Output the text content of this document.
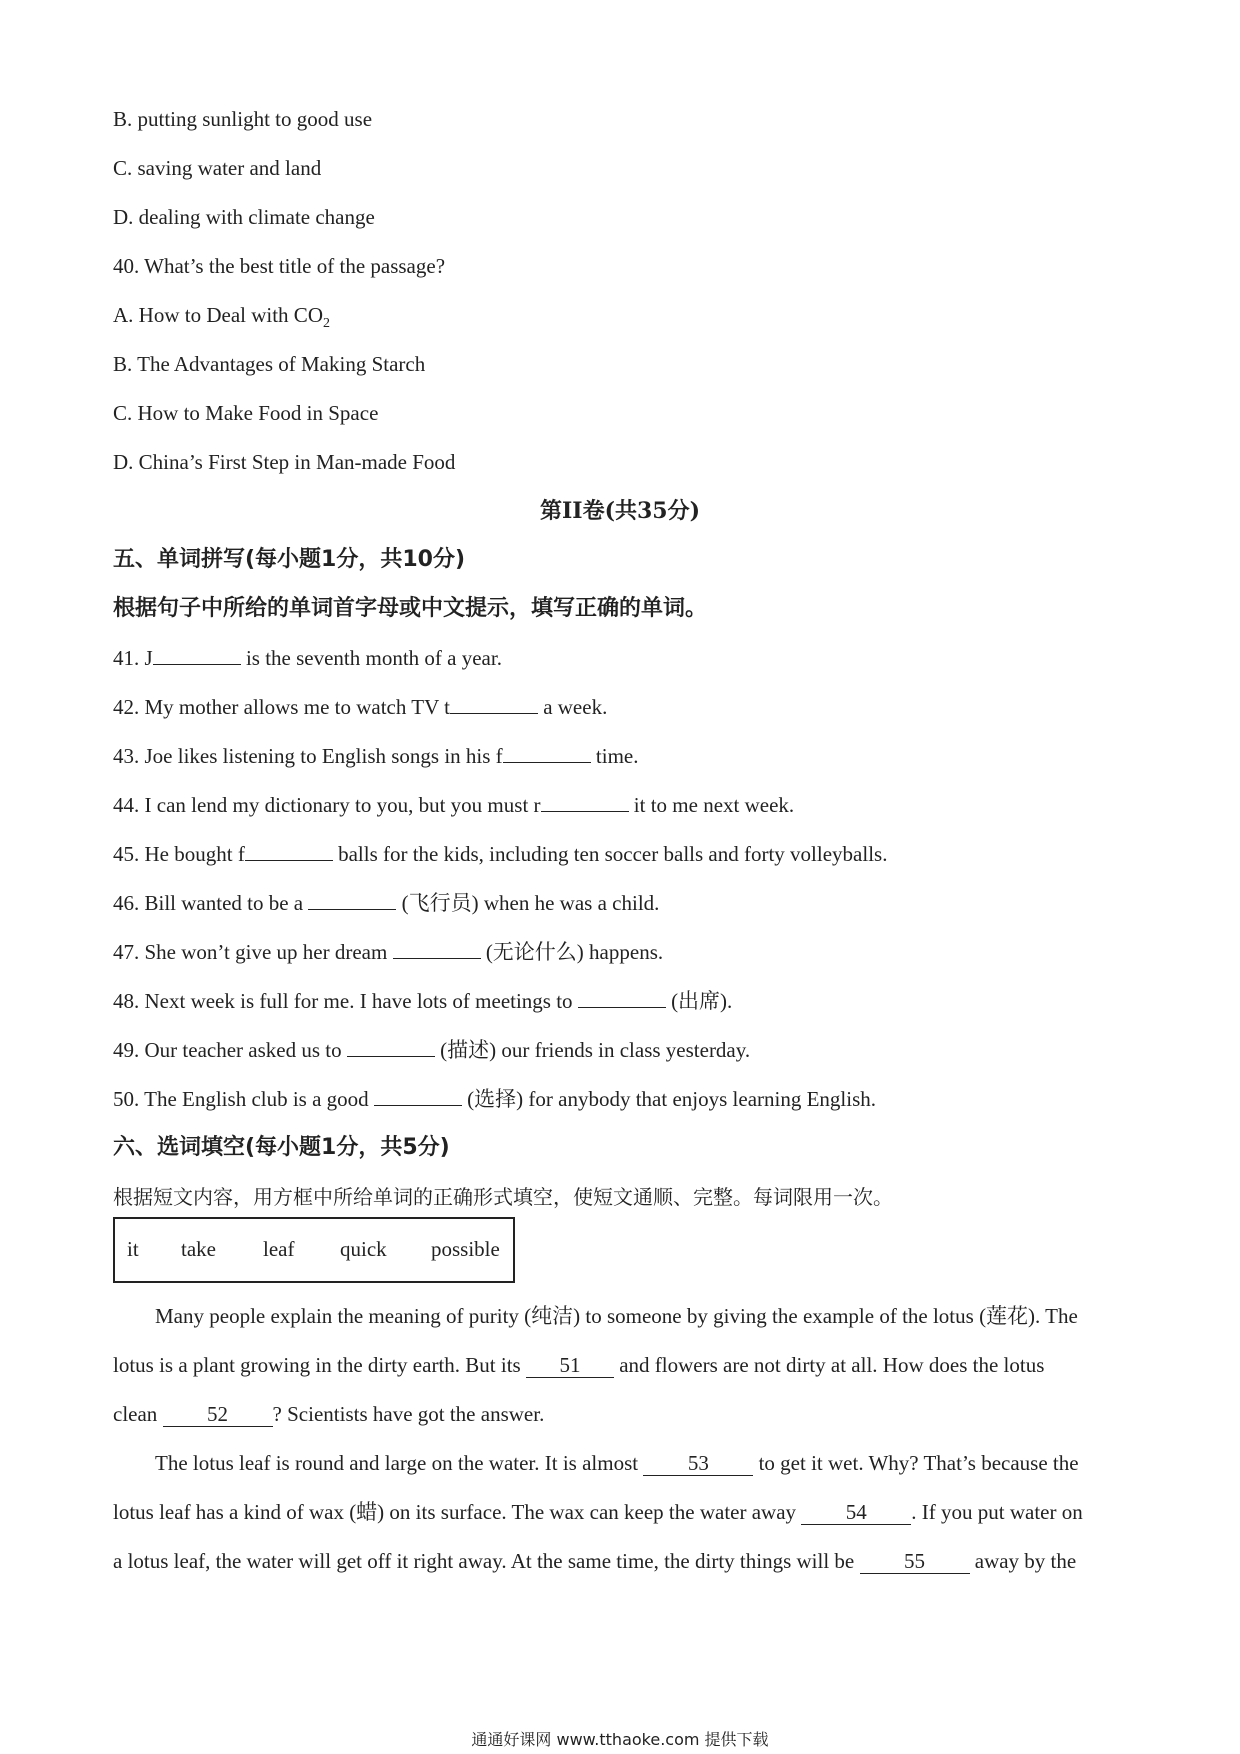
B. putting sunlight to good use
C. saving water and land
D. dealing with climate change
40. What’s the best title of the passage?
A. How to Deal with $CO_2$
B. The Advantages of Making Starch
C. How to Make Food in Space
D. China’s First Step in Man-made Food
第II卷(共35分)
五、单词拼写(每小题1分，共10分)
根据句子中所给的单词首字母或中文提示，填写正确的单词。
41. J	is the seventh month of a year.
42. My mother allows me to watch TV t	a week.
43. Joe likes listening to English songs in his f	time.
44. I can lend my dictionary to you, but you must r	it to me next week.
45. He bought f	balls for the kids, including ten soccer balls and forty volleyballs.
46. Bill wanted to be a	(飞行员) when he was a child.
47. She won’t give up her dream	(无论什么) happens.
48. Next week is full for me. I have lots of meetings to	(出席).
49. Our teacher asked us to	(描述) our friends in class yesterday.
50. The English club is a good	(选择) for anybody that enjoys learning English.
六、选词填空(每小题1分，共5分)
根据短文内容，用方框中所给单词的正确形式填空，使短文通顺、完整。每词限用一次。
it take leaf quick possible
Many people explain the meaning of purity (纯洁) to someone by giving the example of the lotus (莲花). The
lotus is a plant growing in the dirty earth. But its 51 and flowers are not dirty at all. How does the lotus
clean 52 ? Scientists have got the answer.
The lotus leaf is round and large on the water. It is almost 53 to get it wet. Why? That’s because the
lotus leaf has a kind of wax (蜡) on its surface. The wax can keep the water away 54 . If you put water on
a lotus leaf, the water will get off it right away. At the same time, the dirty things will be 55 away by the
通通好课网 www.tthaoke.com 提供下载
